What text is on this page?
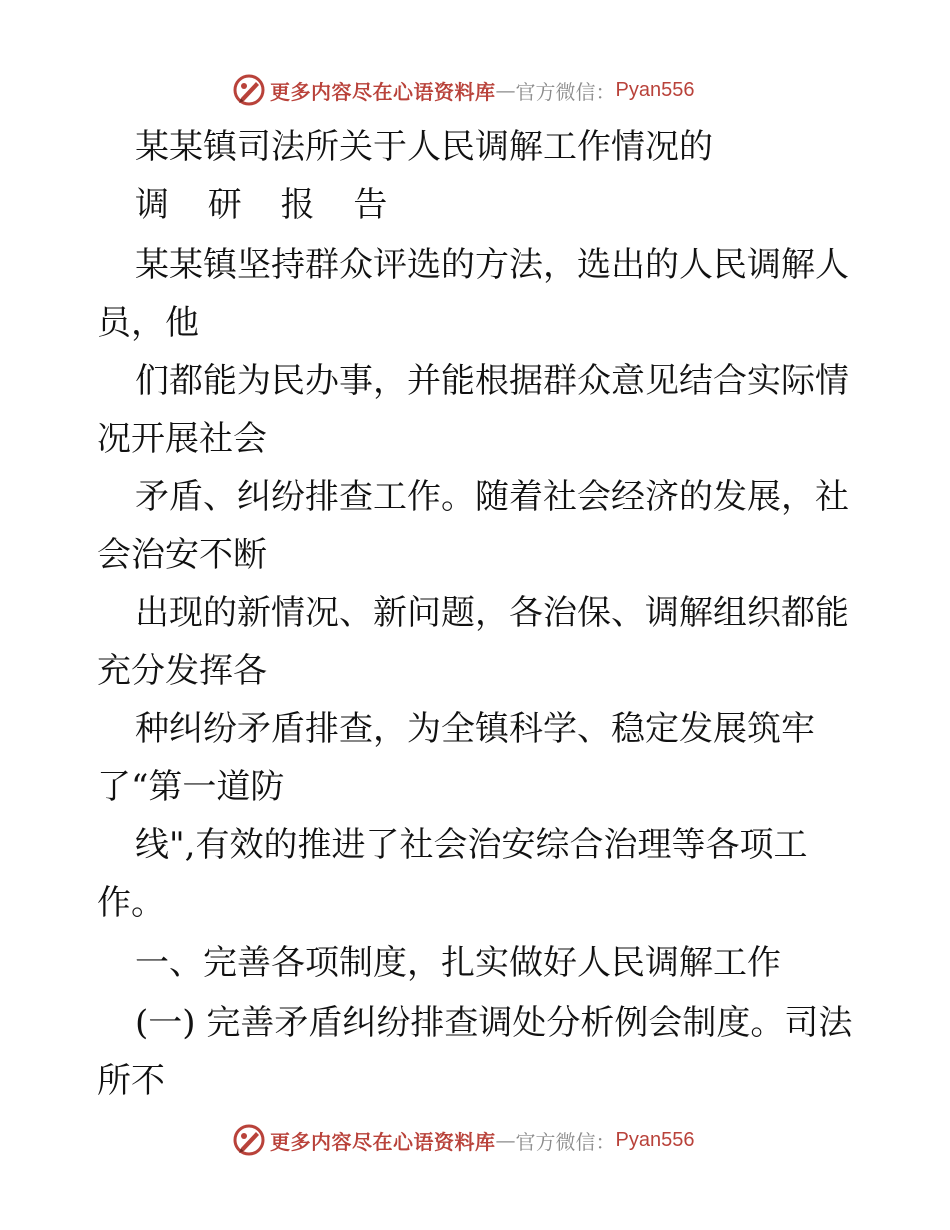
更多内容尽在心语资料库 — 官方微信： Pyan556

某某镇司法所关于人民调解工作情况的

调 研 报 告

某某镇坚持群众评选的方法，选出的人民调解人

员，他

们都能为民办事，并能根据群众意见结合实际情

况开展社会

矛盾、纠纷排查工作。随着社会经济的发展，社

会治安不断

出现的新情况、新问题，各治保、调解组织都能

充分发挥各

种纠纷矛盾排查，为全镇科学、稳定发展筑牢

了“第一道防

线",有效的推进了社会治安综合治理等各项工

作。

一、完善各项制度，扎实做好人民调解工作

(一) 完善矛盾纠纷排查调处分析例会制度。司法

所不

更多内容尽在心语资料库 — 官方微信： Pyan556
